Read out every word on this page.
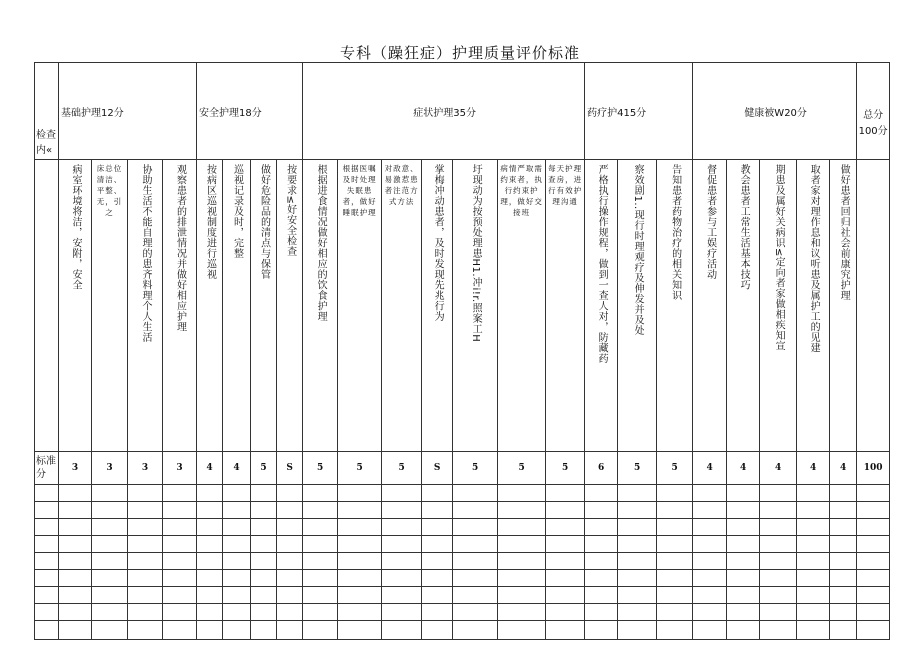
专科（躁狂症）护理质量评价标准
检查内«	基础护理12分				安全护理18分				症状护理35分							药疗护415分			健康被W20分					总分
100分

	病室环境将洁，安附，安全	床总位清洁、平整、无，引之	协助生活不能自理的患齐料理个人生活	观察患者的排泄情况并做好相应护理	按病区巡视制度进行巡视	巡视记录及时，完整	做好危险品的清点与保管	按要求≤好安全检查	根据进食情况做好相应的饮食护理	根据医嘱及时处理失眠患者，做好睡眠护理	对敌意、易激惹患者注范方式方法	掌梅冲动患者，及时发现先兆行为	圩现动为按预处理患H1.冲i!r.照案工H	病情严取需约束者，执行约束护理，做好交接班	每天护理查房，进行有效护理沟通	严格执行操作规程，做到一查人对，防藏药	察效剧1..现行时理观疗及伸发并及处	告知患者药物治疗的相关知识	督促患者参与工娱疗活动	教会患者工常生活基本技巧	期患及属好关病识≤定向者家做相疾知宣	取者家对理作息和议听患及属护工的见建	做好患者回归社会前康究护理	

标准分	3	3	3	3	4	4	5	S	5	5	5	S	5	5	5	6	5	5	4	4	4	4	4	100
